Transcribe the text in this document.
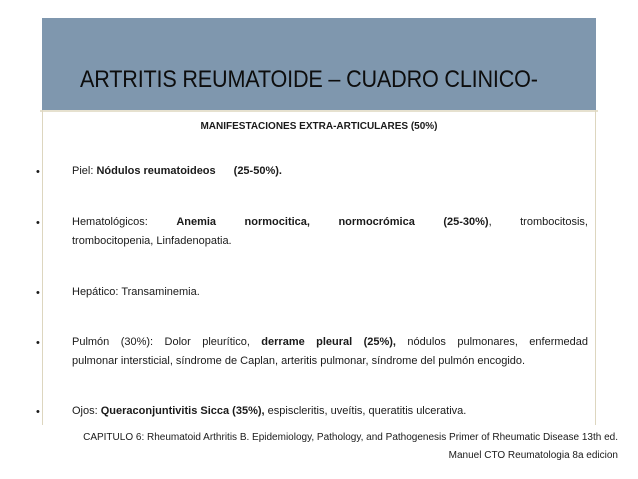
ARTRITIS REUMATOIDE – CUADRO CLINICO-
MANIFESTACIONES EXTRA-ARTICULARES (50%)
•	Piel: Nódulos reumatoideos (25-50%).
•	Hematológicos:	Anemia	normocitica,	normocrómica	(25-30%), trombocitosis,
trombocitopenia, Linfadenopatia.
•	Hepático: Transaminemia.
•	Pulmón (30%): Dolor pleurítico, derrame pleural (25%), nódulos pulmonares, enfermedad
pulmonar intersticial, síndrome de Caplan, arteritis pulmonar, síndrome del pulmón encogido.
•	Ojos: Queraconjuntivitis Sicca (35%), espiscleritis, uveítis, queratitis ulcerativa.
CAPITULO 6: Rheumatoid Arthritis B. Epidemiology, Pathology, and Pathogenesis Primer of Rheumatic Disease 13th ed.
Manuel CTO Reumatologia 8a edicion
